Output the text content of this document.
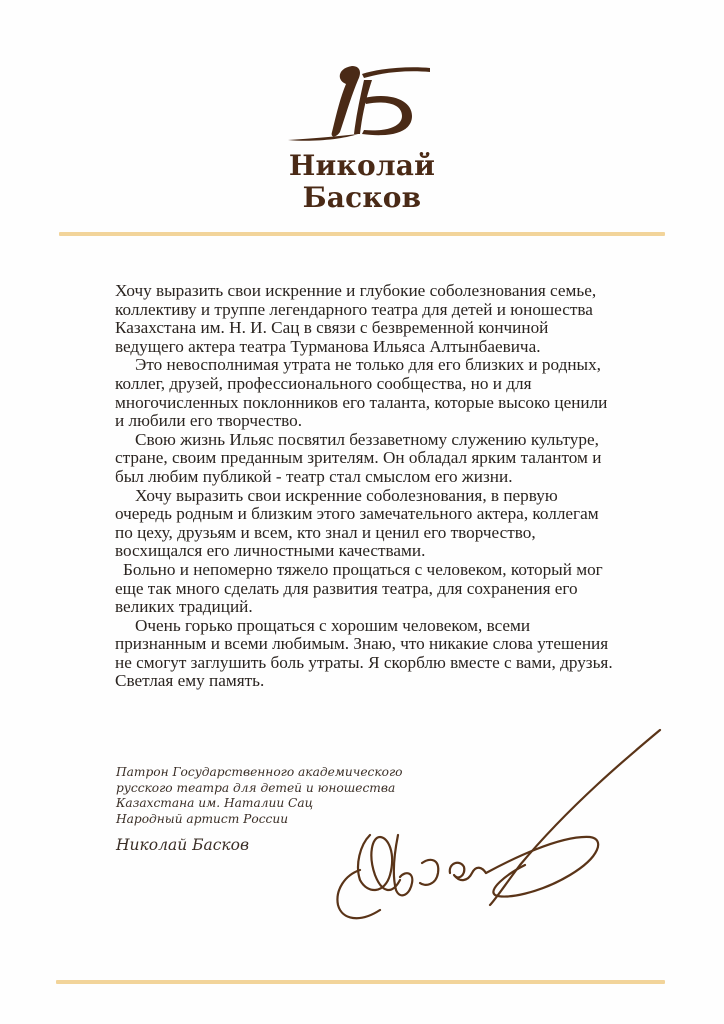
Николай
Басков
Хочу выразить свои искренние и глубокие соболезнования семье,
коллективу и труппе легендарного театра для детей и юношества
Казахстана им. Н. И. Сац в связи с безвременной кончиной
ведущего актера театра Турманова Ильяса Алтынбаевича.
Это невосполнимая утрата не только для его близких и родных,
коллег, друзей, профессионального сообщества, но и для
многочисленных поклонников его таланта, которые высоко ценили
и любили его творчество.
Свою жизнь Ильяс посвятил беззаветному служению культуре,
стране, своим преданным зрителям. Он обладал ярким талантом и
был любим публикой - театр стал смыслом его жизни.
Хочу выразить свои искренние соболезнования, в первую
очередь родным и близким этого замечательного актера, коллегам
по цеху, друзьям и всем, кто знал и ценил его творчество,
восхищался его личностными качествами.
Больно и непомерно тяжело прощаться с человеком, который мог
еще так много сделать для развития театра, для сохранения его
великих традиций.
Очень горько прощаться с хорошим человеком, всеми
признанным и всеми любимым. Знаю, что никакие слова утешения
не смогут заглушить боль утраты. Я скорблю вместе с вами, друзья.
Светлая ему память.
Патрон Государственного академического
русского театра для детей и юношества
Казахстана им. Наталии Сац
Народный артист России
Николай Басков
